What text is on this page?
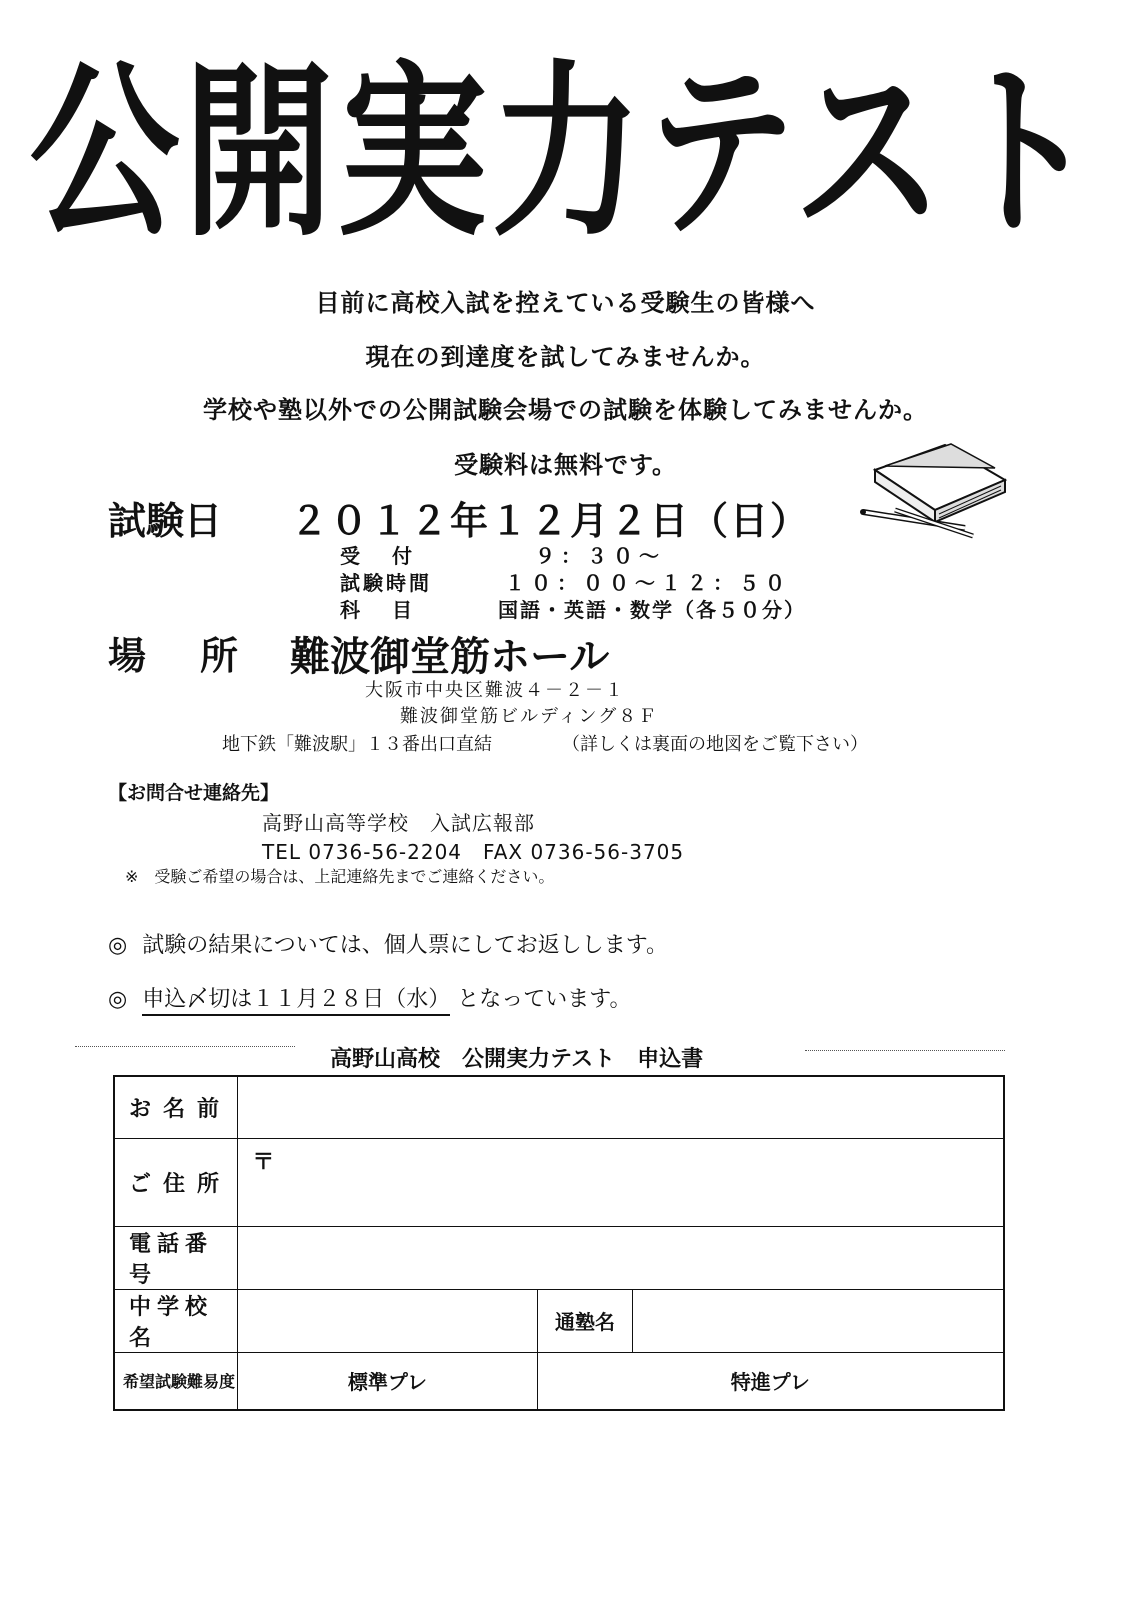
公開実力テスト
目前に高校入試を控えている受験生の皆様へ
現在の到達度を試してみませんか。
学校や塾以外での公開試験会場での試験を体験してみませんか。
受験料は無料です。
試験日 ２０１２年１２月２日（日）
受　付	９：３０～
試験時間	１０：００～１２：５０
科　目	国語・英語・数学（各５０分）
場　所 難波御堂筋ホール
大阪市中央区難波４－２－１
難波御堂筋ビルディング８Ｆ
地下鉄「難波駅」１３番出口直結	（詳しくは裏面の地図をご覧下さい）
【お問合せ連絡先】
高野山高等学校　入試広報部
TEL 0736-56-2204　FAX 0736-56-3705
※　受験ご希望の場合は、上記連絡先までご連絡ください。
◎ 試験の結果については、個人票にしてお返しします。
◎ 申込〆切は１１月２８日（水） となっています。
高野山高校　公開実力テスト　申込書
お名前			
ご住所	〒		

電話番号			
中学校名		通塾名	
希望試験難易度	標準プレ	特進プレ	
